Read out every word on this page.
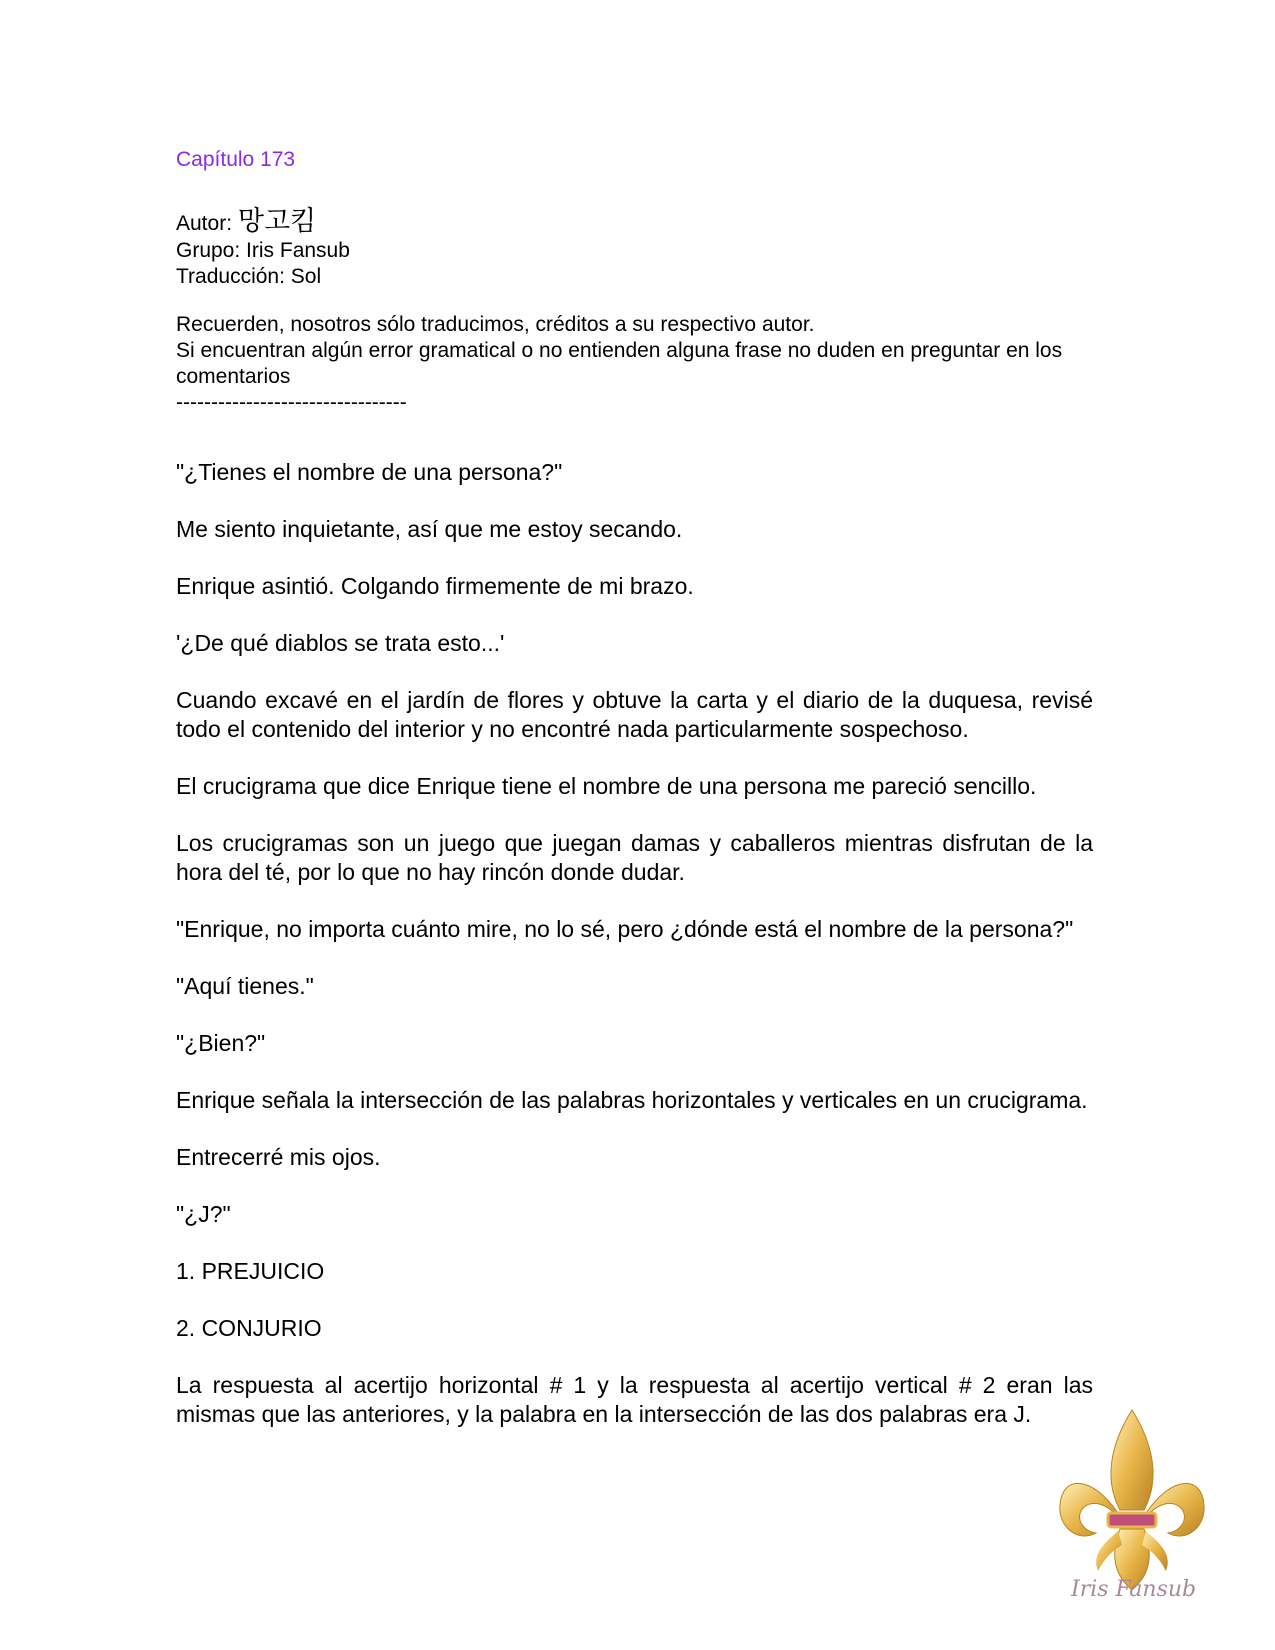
Capítulo 173

Autor: 망고킴

Grupo: Iris Fansub

Traducción: Sol

Recuerden, nosotros sólo traducimos, créditos a su respectivo autor.

Si encuentran algún error gramatical o no entienden alguna frase no duden en preguntar en los comentarios

---------------------------------

"¿Tienes el nombre de una persona?"

Me siento inquietante, así que me estoy secando.

Enrique asintió. Colgando firmemente de mi brazo.

'¿De qué diablos se trata esto...'

Cuando excavé en el jardín de flores y obtuve la carta y el diario de la duquesa, revisé todo el contenido del interior y no encontré nada particularmente sospechoso.

El crucigrama que dice Enrique tiene el nombre de una persona me pareció sencillo.

Los crucigramas son un juego que juegan damas y caballeros mientras disfrutan de la hora del té, por lo que no hay rincón donde dudar.

"Enrique, no importa cuánto mire, no lo sé, pero ¿dónde está el nombre de la persona?"

"Aquí tienes."

"¿Bien?"

Enrique señala la intersección de las palabras horizontales y verticales en un crucigrama.

Entrecerré mis ojos.

"¿J?"

1. PREJUICIO

2. CONJURIO

La respuesta al acertijo horizontal # 1 y la respuesta al acertijo vertical # 2 eran las mismas que las anteriores, y la palabra en la intersección de las dos palabras era J.

Iris Fansub
